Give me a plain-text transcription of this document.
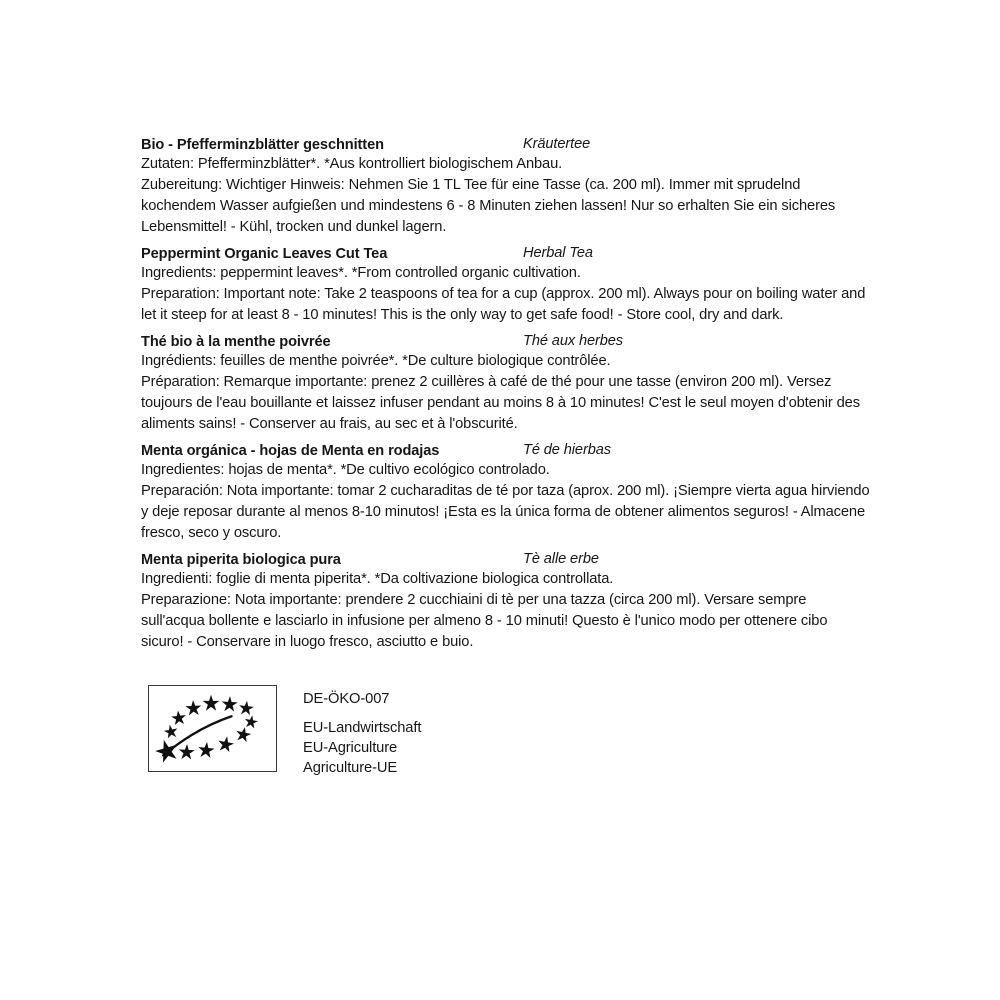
Bio - Pfefferminzblätter geschnitten	Kräutertee
Zutaten: Pfefferminzblätter*. *Aus kontrolliert biologischem Anbau.
Zubereitung: Wichtiger Hinweis: Nehmen Sie 1 TL Tee für eine Tasse (ca. 200 ml). Immer mit sprudelnd kochendem Wasser aufgießen und mindestens 6 - 8 Minuten ziehen lassen! Nur so erhalten Sie ein sicheres Lebensmittel! - Kühl, trocken und dunkel lagern.
Peppermint Organic Leaves Cut Tea	Herbal Tea
Ingredients: peppermint leaves*. *From controlled organic cultivation.
Preparation: Important note: Take 2 teaspoons of tea for a cup (approx. 200 ml). Always pour on boiling water and let it steep for at least 8 - 10 minutes! This is the only way to get safe food! - Store cool, dry and dark.
Thé bio à la menthe poivrée	Thé aux herbes
Ingrédients: feuilles de menthe poivrée*. *De culture biologique contrôlée.
Préparation: Remarque importante: prenez 2 cuillères à café de thé pour une tasse (environ 200 ml). Versez toujours de l'eau bouillante et laissez infuser pendant au moins 8 à 10 minutes! C'est le seul moyen d'obtenir des aliments sains! - Conserver au frais, au sec et à l'obscurité.
Menta orgánica - hojas de Menta en rodajas	Té de hierbas
Ingredientes: hojas de menta*. *De cultivo ecológico controlado.
Preparación: Nota importante: tomar 2 cucharaditas de té por taza (aprox. 200 ml). ¡Siempre vierta agua hirviendo y deje reposar durante al menos 8-10 minutos! ¡Esta es la única forma de obtener alimentos seguros! - Almacene fresco, seco y oscuro.
Menta piperita biologica pura	Tè alle erbe
Ingredienti: foglie di menta piperita*. *Da coltivazione biologica controllata.
Preparazione: Nota importante: prendere 2 cucchiaini di tè per una tazza (circa 200 ml). Versare sempre sull'acqua bollente e lasciarlo in infusione per almeno 8 - 10 minuti! Questo è l'unico modo per ottenere cibo sicuro! - Conservare in luogo fresco, asciutto e buio.
DE-ÖKO-007
EU-Landwirtschaft
EU-Agriculture
Agriculture-UE
